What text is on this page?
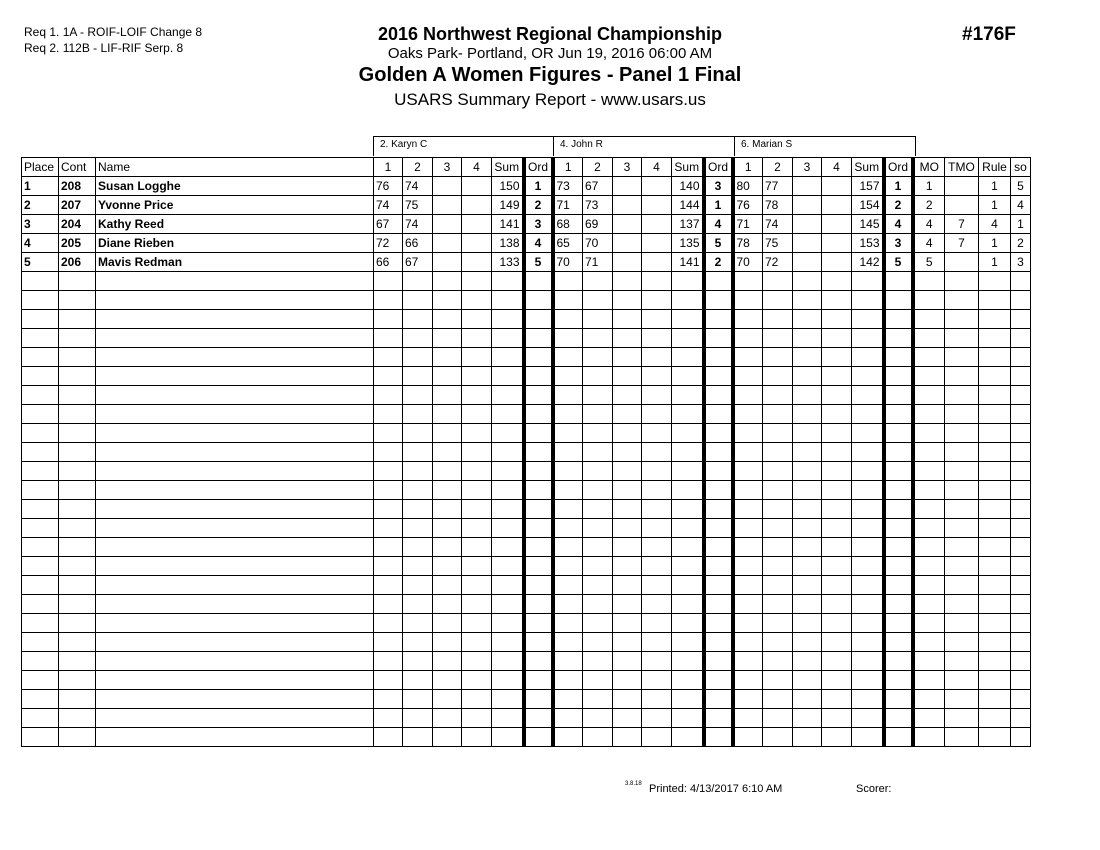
Req 1. 1A - ROIF-LOIF Change 8
Req 2. 112B - LIF-RIF Serp. 8
2016 Northwest Regional Championship
Oaks Park- Portland, OR Jun 19, 2016 06:00 AM
Golden A Women Figures - Panel 1 Final
USARS Summary Report - www.usars.us
#176F
2. Karyn C	4. John R	6. Marian S
Place	Cont	Name	1	2	3	4	Sum	Ord	1	2	3	4	Sum	Ord	1	2	3	4	Sum	Ord	MO	TMO	Rule	so
1	208	Susan Logghe	76	74			150	1	73	67			140	3	80	77			157	1	1		1	5
2	207	Yvonne Price	74	75			149	2	71	73			144	1	76	78			154	2	2		1	4
3	204	Kathy Reed	67	74			141	3	68	69			137	4	71	74			145	4	4	7	4	1
4	205	Diane Rieben	72	66			138	4	65	70			135	5	78	75			153	3	4	7	1	2
5	206	Mavis Redman	66	67			133	5	70	71			141	2	70	72			142	5	5		1	3

3.8.18 Printed: 4/13/2017 6:10 AM	Scorer:
